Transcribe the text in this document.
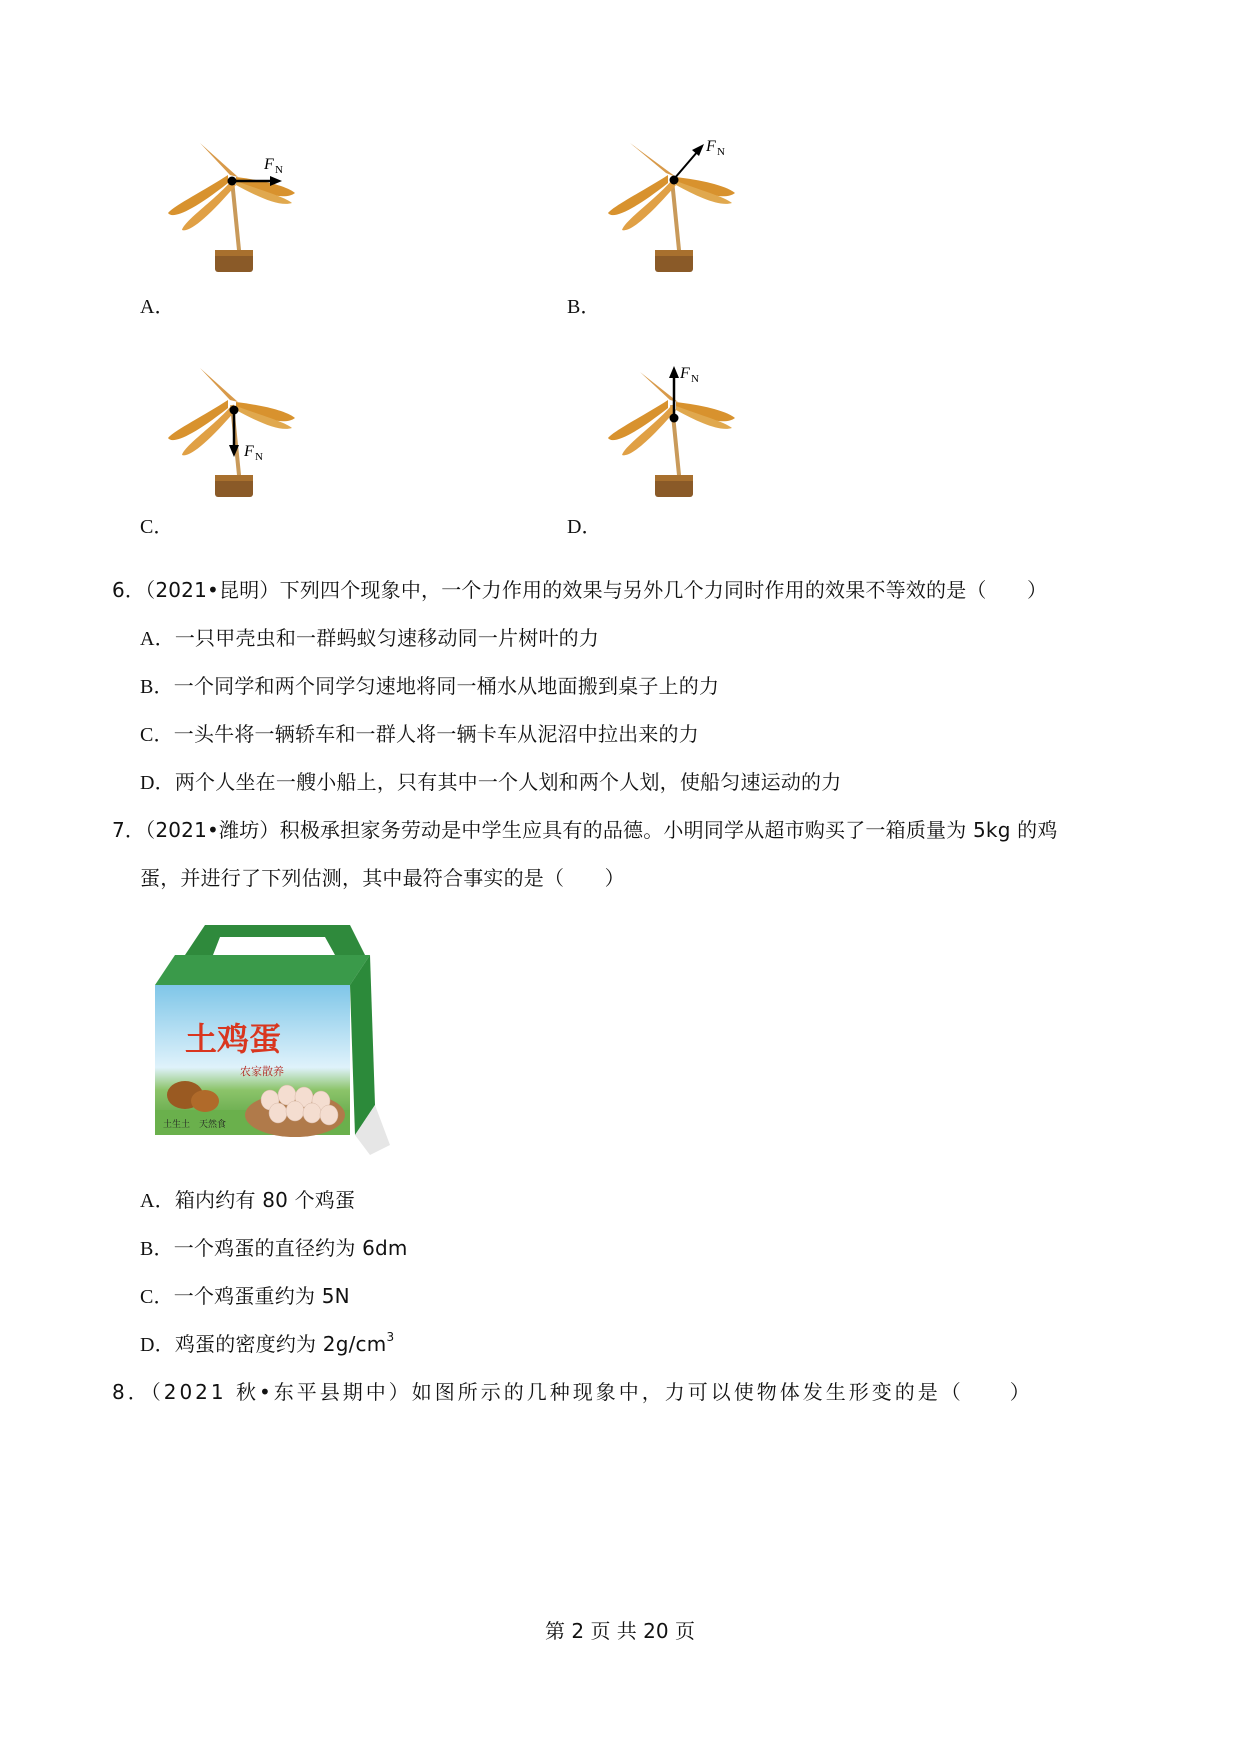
F N
A．
F N
B．
F N
C．
F N
D．
6．（2021•昆明）下列四个现象中，一个力作用的效果与另外几个力同时作用的效果不等效的是（　　）
A．一只甲壳虫和一群蚂蚁匀速移动同一片树叶的力
B．一个同学和两个同学匀速地将同一桶水从地面搬到桌子上的力
C．一头牛将一辆轿车和一群人将一辆卡车从泥沼中拉出来的力
D．两个人坐在一艘小船上，只有其中一个人划和两个人划，使船匀速运动的力
7．（2021•潍坊）积极承担家务劳动是中学生应具有的品德。小明同学从超市购买了一箱质量为 5kg 的鸡
蛋，并进行了下列估测，其中最符合事实的是（　　）
土鸡蛋
农家散养
土生土　天然食
A．箱内约有 80 个鸡蛋
B．一个鸡蛋的直径约为 6dm
C．一个鸡蛋重约为 5N
D．鸡蛋的密度约为 $2g/cm^3$
8．（2021 秋•东平县期中）如图所示的几种现象中，力可以使物体发生形变的是（　　）
第 2 页 共 20 页
